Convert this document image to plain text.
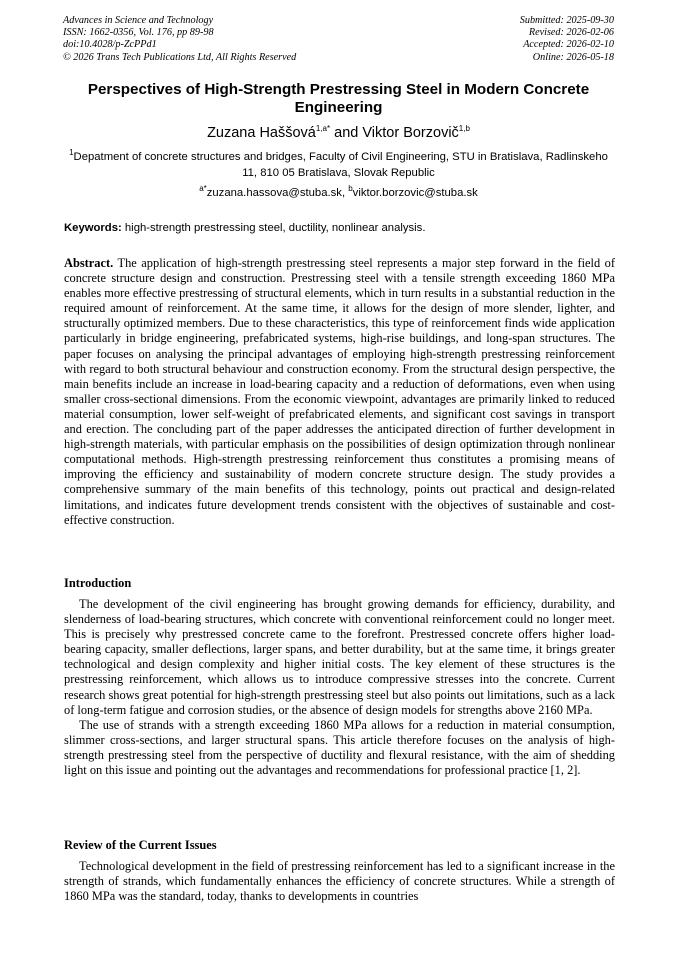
Advances in Science and Technology
ISSN: 1662-0356, Vol. 176, pp 89-98
doi:10.4028/p-ZcPPd1
© 2026 Trans Tech Publications Ltd, All Rights Reserved
Submitted: 2025-09-30
Revised: 2026-02-06
Accepted: 2026-02-10
Online: 2026-05-18
Perspectives of High-Strength Prestressing Steel in Modern Concrete Engineering
Zuzana Haššová$^{1,a*}$ and Viktor Borzovič$^{1,b}$
$^1$Depatment of concrete structures and bridges, Faculty of Civil Engineering, STU in Bratislava, Radlinskeho 11, 810 05 Bratislava, Slovak Republic
$^{a*}$zuzana.hassova@stuba.sk, $^b$viktor.borzovic@stuba.sk
Keywords: high-strength prestressing steel, ductility, nonlinear analysis.
Abstract. The application of high-strength prestressing steel represents a major step forward in the field of concrete structure design and construction. Prestressing steel with a tensile strength exceeding 1860 MPa enables more effective prestressing of structural elements, which in turn results in a substantial reduction in the required amount of reinforcement. At the same time, it allows for the design of more slender, lighter, and structurally optimized members. Due to these characteristics, this type of reinforcement finds wide application particularly in bridge engineering, prefabricated systems, high-rise buildings, and long-span structures. The paper focuses on analysing the principal advantages of employing high-strength prestressing reinforcement with regard to both structural behaviour and construction economy. From the structural design perspective, the main benefits include an increase in load-bearing capacity and a reduction of deformations, even when using smaller cross-sectional dimensions. From the economic viewpoint, advantages are primarily linked to reduced material consumption, lower self-weight of prefabricated elements, and significant cost savings in transport and erection. The concluding part of the paper addresses the anticipated direction of further development in high-strength materials, with particular emphasis on the possibilities of design optimization through nonlinear computational methods. High-strength prestressing reinforcement thus constitutes a promising means of improving the efficiency and sustainability of modern concrete structure design. The study provides a comprehensive summary of the main benefits of this technology, points out practical and design-related limitations, and indicates future development trends consistent with the objectives of sustainable and cost-effective construction.
Introduction

The development of the civil engineering has brought growing demands for efficiency, durability, and slenderness of load-bearing structures, which concrete with conventional reinforcement could no longer meet. This is precisely why prestressed concrete came to the forefront. Prestressed concrete offers higher load-bearing capacity, smaller deflections, larger spans, and better durability, but at the same time, it brings greater technological and design complexity and higher initial costs. The key element of these structures is the prestressing reinforcement, which allows us to introduce compressive stresses into the concrete. Current research shows great potential for high-strength prestressing steel but also points out limitations, such as a lack of long-term fatigue and corrosion studies, or the absence of design models for strengths above 2160 MPa.

The use of strands with a strength exceeding 1860 MPa allows for a reduction in material consumption, slimmer cross-sections, and larger structural spans. This article therefore focuses on the analysis of high-strength prestressing steel from the perspective of ductility and flexural resistance, with the aim of shedding light on this issue and pointing out the advantages and recommendations for professional practice [1, 2].

Review of the Current Issues

Technological development in the field of prestressing reinforcement has led to a significant increase in the strength of strands, which fundamentally enhances the efficiency of concrete structures. While a strength of 1860 MPa was the standard, today, thanks to developments in countries
